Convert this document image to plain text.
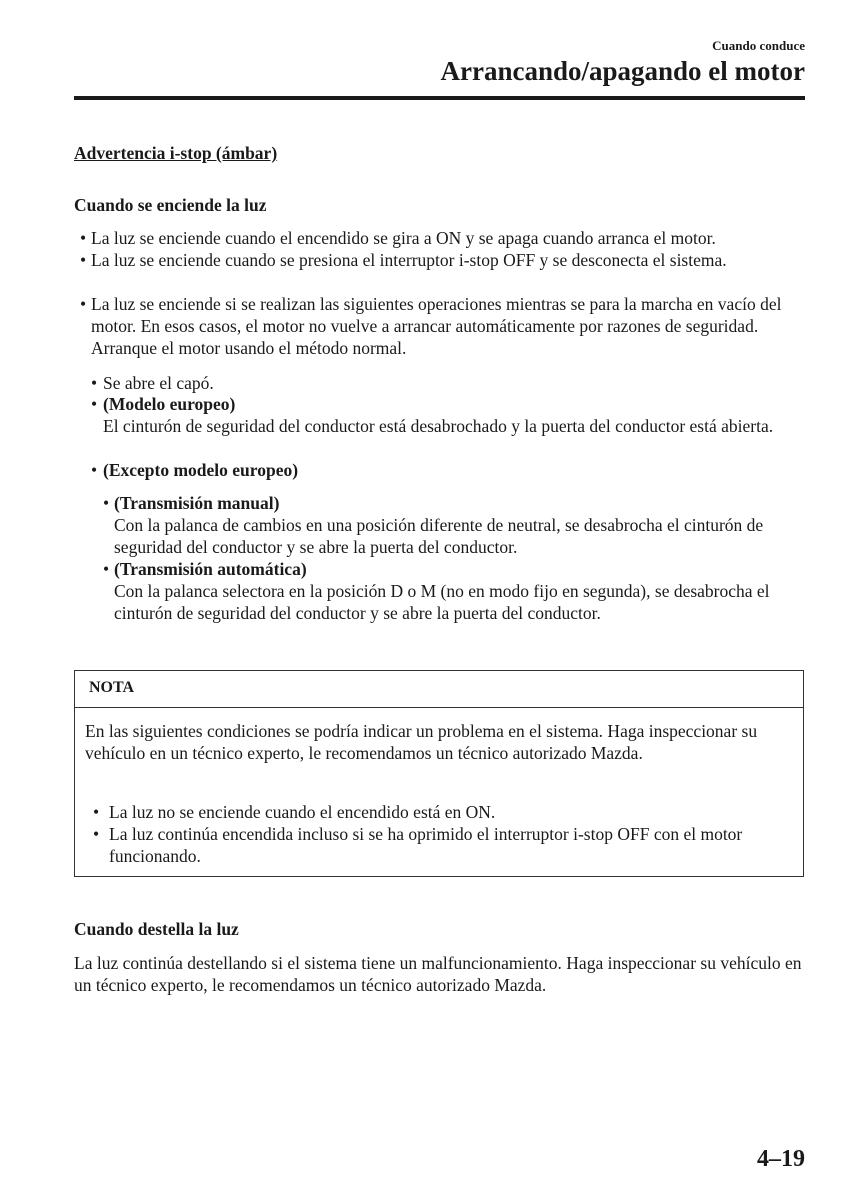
Cuando conduce
Arrancando/apagando el motor
Advertencia i-stop (ámbar)
Cuando se enciende la luz
• La luz se enciende cuando el encendido se gira a ON y se apaga cuando arranca el motor.
• La luz se enciende cuando se presiona el interruptor i-stop OFF y se desconecta el sistema.
• La luz se enciende si se realizan las siguientes operaciones mientras se para la marcha en vacío del motor. En esos casos, el motor no vuelve a arrancar automáticamente por razones de seguridad. Arranque el motor usando el método normal.
• Se abre el capó.
• (Modelo europeo)
El cinturón de seguridad del conductor está desabrochado y la puerta del conductor está abierta.
• (Excepto modelo europeo)
• (Transmisión manual)
Con la palanca de cambios en una posición diferente de neutral, se desabrocha el cinturón de seguridad del conductor y se abre la puerta del conductor.
• (Transmisión automática)
Con la palanca selectora en la posición D o M (no en modo fijo en segunda), se desabrocha el cinturón de seguridad del conductor y se abre la puerta del conductor.
NOTA
En las siguientes condiciones se podría indicar un problema en el sistema. Haga inspeccionar su vehículo en un técnico experto, le recomendamos un técnico autorizado Mazda.
• La luz no se enciende cuando el encendido está en ON.
• La luz continúa encendida incluso si se ha oprimido el interruptor i-stop OFF con el motor funcionando.
Cuando destella la luz
La luz continúa destellando si el sistema tiene un malfuncionamiento. Haga inspeccionar su vehículo en un técnico experto, le recomendamos un técnico autorizado Mazda.
4–19
